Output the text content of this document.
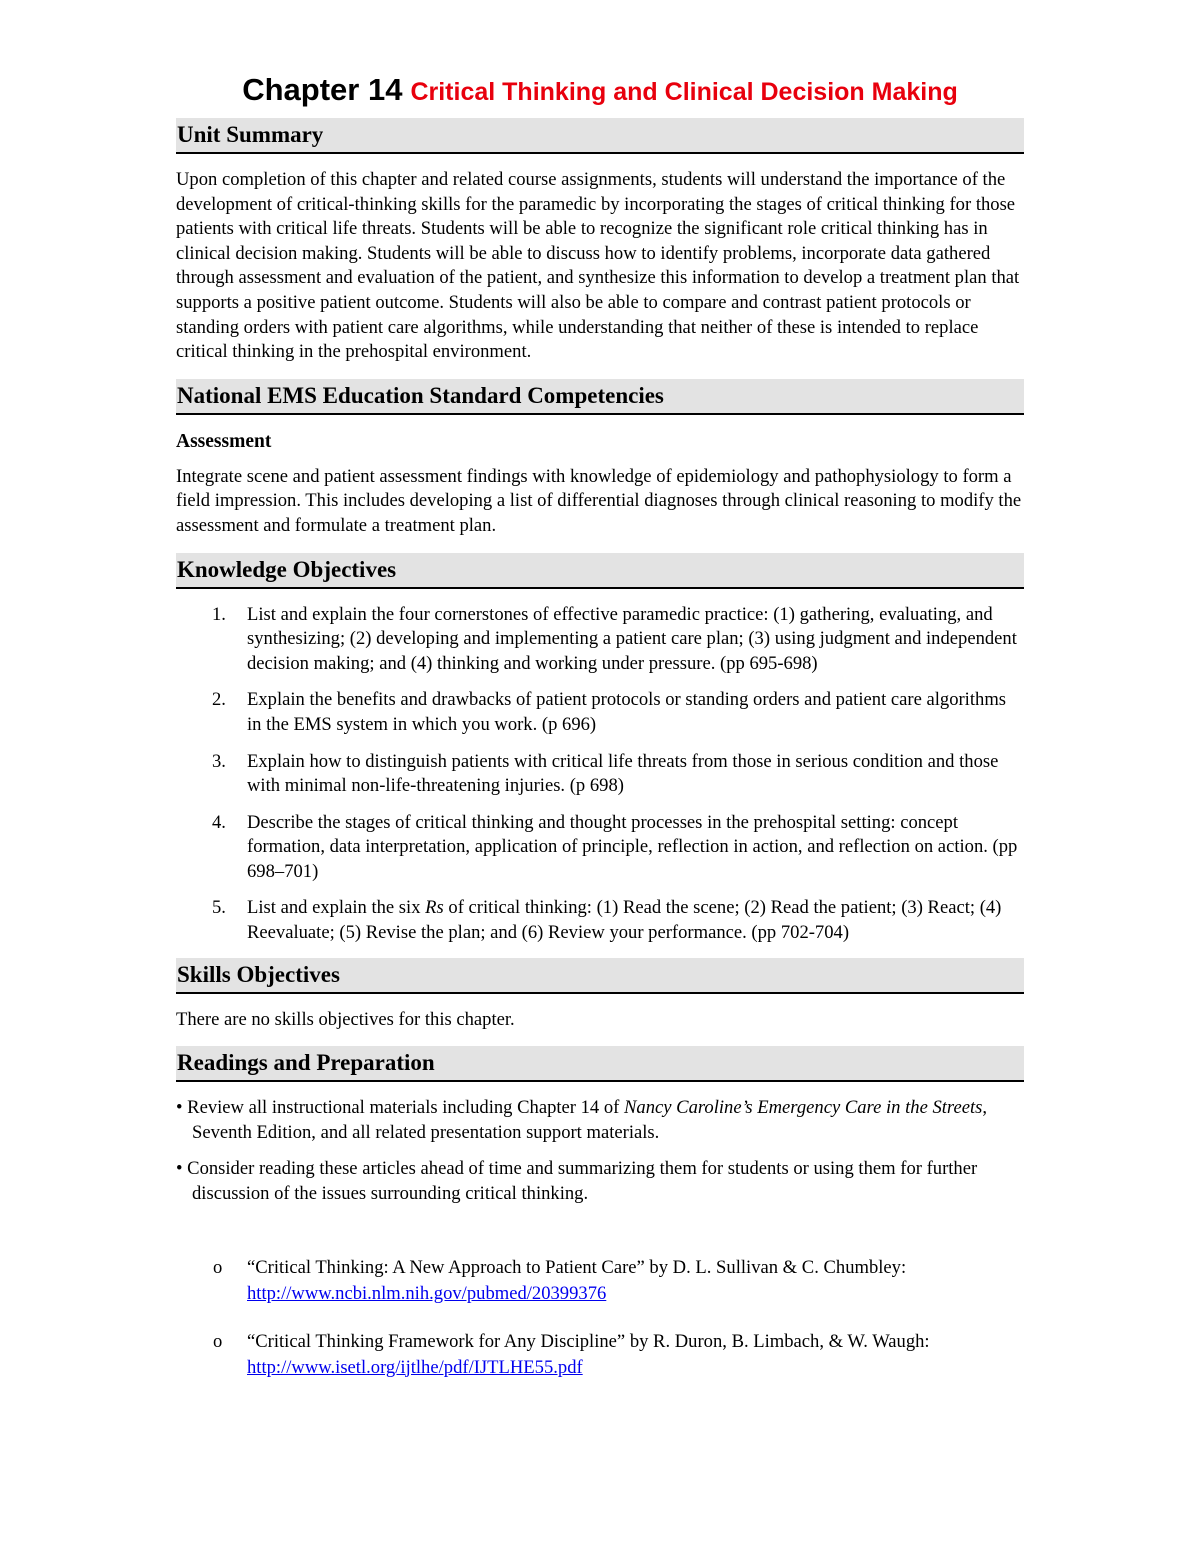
Chapter 14 Critical Thinking and Clinical Decision Making
Unit Summary

Upon completion of this chapter and related course assignments, students will understand the importance of the development of critical-thinking skills for the paramedic by incorporating the stages of critical thinking for those patients with critical life threats. Students will be able to recognize the significant role critical thinking has in clinical decision making. Students will be able to discuss how to identify problems, incorporate data gathered through assessment and evaluation of the patient, and synthesize this information to develop a treatment plan that supports a positive patient outcome. Students will also be able to compare and contrast patient protocols or standing orders with patient care algorithms, while understanding that neither of these is intended to replace critical thinking in the prehospital environment.

National EMS Education Standard Competencies

Assessment

Integrate scene and patient assessment findings with knowledge of epidemiology and pathophysiology to form a field impression. This includes developing a list of differential diagnoses through clinical reasoning to modify the assessment and formulate a treatment plan.

Knowledge Objectives
1. List and explain the four cornerstones of effective paramedic practice: (1) gathering, evaluating, and synthesizing; (2) developing and implementing a patient care plan; (3) using judgment and independent decision making; and (4) thinking and working under pressure. (pp 695-698)
2. Explain the benefits and drawbacks of patient protocols or standing orders and patient care algorithms in the EMS system in which you work. (p 696)
3. Explain how to distinguish patients with critical life threats from those in serious condition and those with minimal non-life-threatening injuries. (p 698)
4. Describe the stages of critical thinking and thought processes in the prehospital setting: concept formation, data interpretation, application of principle, reflection in action, and reflection on action. (pp 698–701)
5. List and explain the six Rs of critical thinking: (1) Read the scene; (2) Read the patient; (3) React; (4) Reevaluate; (5) Revise the plan; and (6) Review your performance. (pp 702-704)
Skills Objectives

There are no skills objectives for this chapter.

Readings and Preparation

• Review all instructional materials including Chapter 14 of Nancy Caroline’s Emergency Care in the Streets, Seventh Edition, and all related presentation support materials.

• Consider reading these articles ahead of time and summarizing them for students or using them for further discussion of the issues surrounding critical thinking.

o “Critical Thinking: A New Approach to Patient Care” by D. L. Sullivan & C. Chumbley: http://www.ncbi.nlm.nih.gov/pubmed/20399376
o “Critical Thinking Framework for Any Discipline” by R. Duron, B. Limbach, & W. Waugh: http://www.isetl.org/ijtlhe/pdf/IJTLHE55.pdf
